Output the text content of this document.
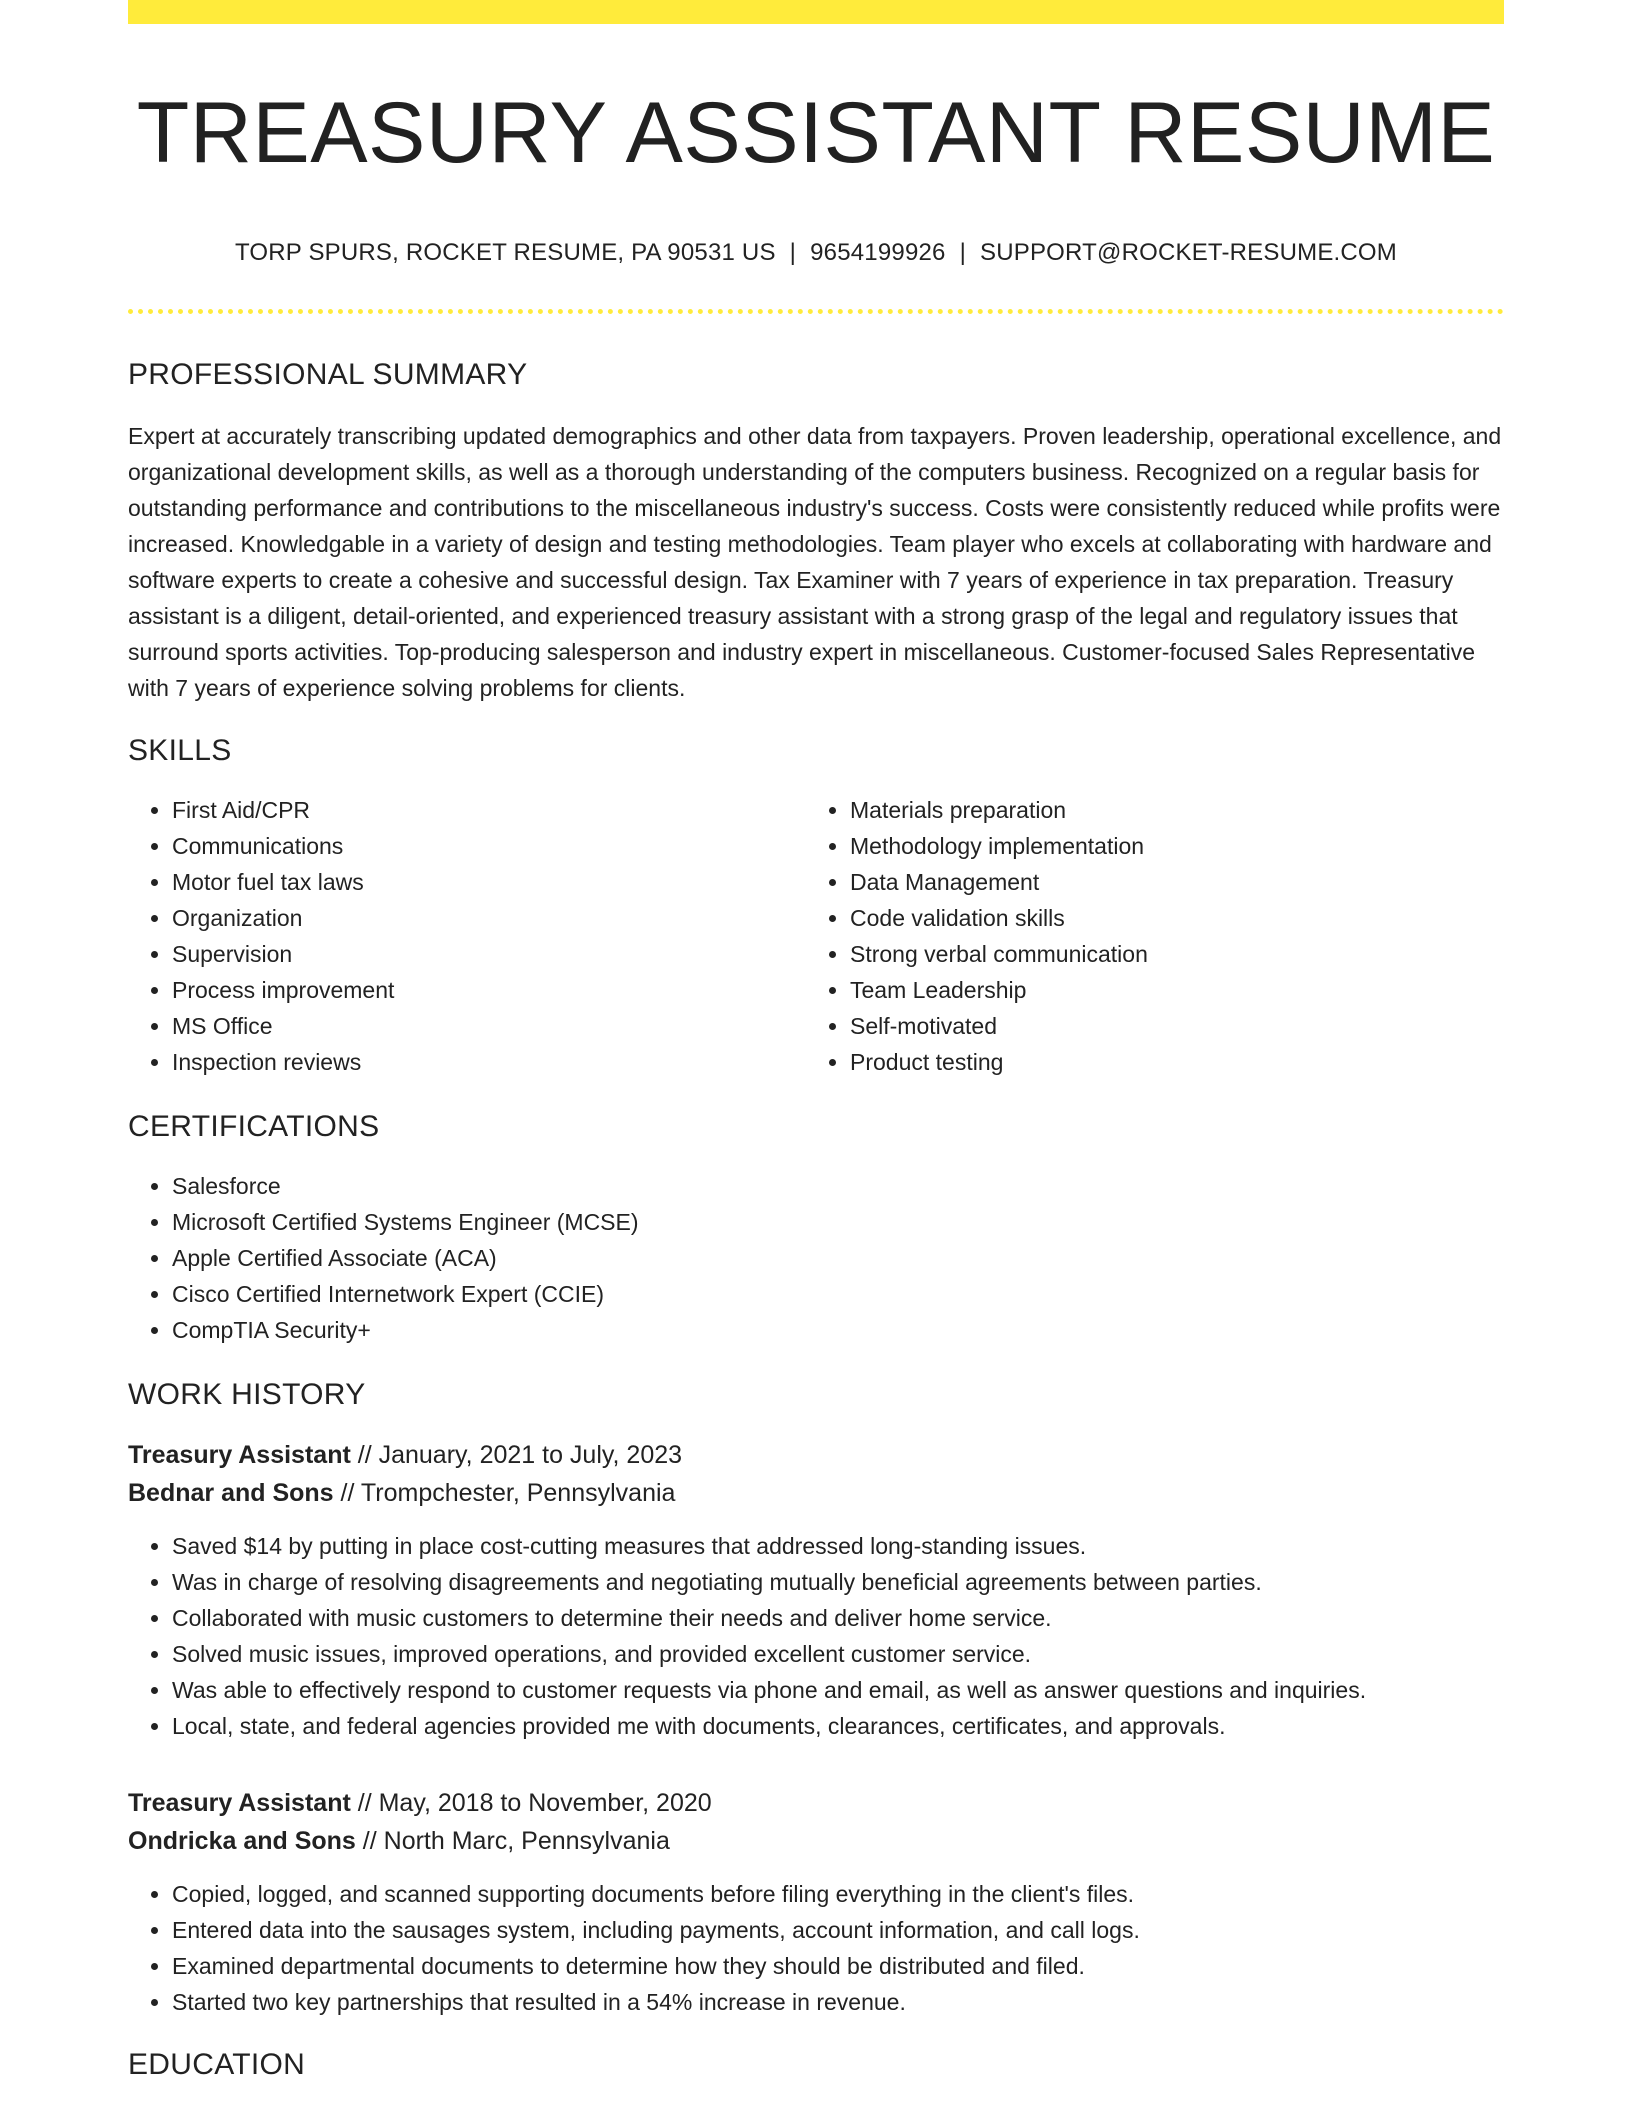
TREASURY ASSISTANT RESUME
TORP SPURS, ROCKET RESUME, PA 90531 US | 9654199926 | SUPPORT@ROCKET-RESUME.COM
PROFESSIONAL SUMMARY
Expert at accurately transcribing updated demographics and other data from taxpayers. Proven leadership, operational excellence, and organizational development skills, as well as a thorough understanding of the computers business. Recognized on a regular basis for outstanding performance and contributions to the miscellaneous industry's success. Costs were consistently reduced while profits were increased. Knowledgable in a variety of design and testing methodologies. Team player who excels at collaborating with hardware and software experts to create a cohesive and successful design. Tax Examiner with 7 years of experience in tax preparation. Treasury assistant is a diligent, detail-oriented, and experienced treasury assistant with a strong grasp of the legal and regulatory issues that surround sports activities. Top-producing salesperson and industry expert in miscellaneous. Customer-focused Sales Representative with 7 years of experience solving problems for clients.
SKILLS
• First Aid/CPR
• Communications
• Motor fuel tax laws
• Organization
• Supervision
• Process improvement
• MS Office
• Inspection reviews
• Materials preparation
• Methodology implementation
• Data Management
• Code validation skills
• Strong verbal communication
• Team Leadership
• Self-motivated
• Product testing
CERTIFICATIONS
• Salesforce
• Microsoft Certified Systems Engineer (MCSE)
• Apple Certified Associate (ACA)
• Cisco Certified Internetwork Expert (CCIE)
• CompTIA Security+
WORK HISTORY
Treasury Assistant // January, 2021 to July, 2023
Bednar and Sons // Trompchester, Pennsylvania
• Saved $14 by putting in place cost-cutting measures that addressed long-standing issues.
• Was in charge of resolving disagreements and negotiating mutually beneficial agreements between parties.
• Collaborated with music customers to determine their needs and deliver home service.
• Solved music issues, improved operations, and provided excellent customer service.
• Was able to effectively respond to customer requests via phone and email, as well as answer questions and inquiries.
• Local, state, and federal agencies provided me with documents, clearances, certificates, and approvals.
Treasury Assistant // May, 2018 to November, 2020
Ondricka and Sons // North Marc, Pennsylvania
• Copied, logged, and scanned supporting documents before filing everything in the client's files.
• Entered data into the sausages system, including payments, account information, and call logs.
• Examined departmental documents to determine how they should be distributed and filed.
• Started two key partnerships that resulted in a 54% increase in revenue.
EDUCATION
